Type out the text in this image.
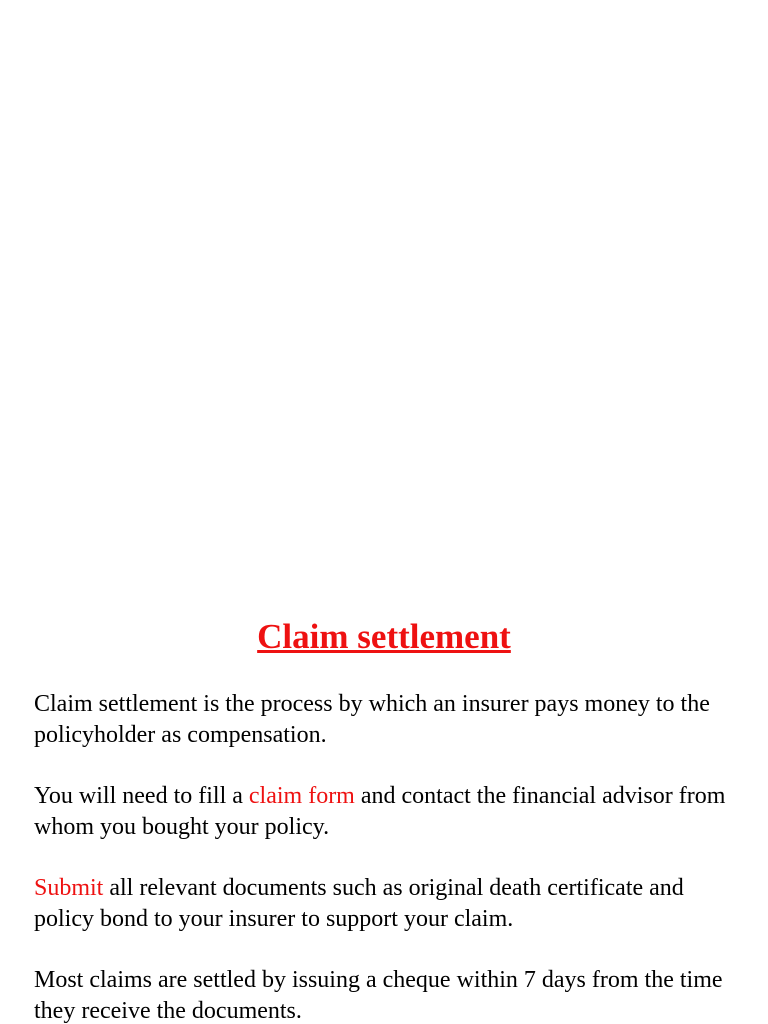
Claim settlement

Claim settlement is the process by which an insurer pays money to the policyholder as compensation.

You will need to fill a claim form and contact the financial advisor from whom you bought your policy.

Submit all relevant documents such as original death certificate and policy bond to your insurer to support your claim.

Most claims are settled by issuing a cheque within 7 days from the time they receive the documents.
